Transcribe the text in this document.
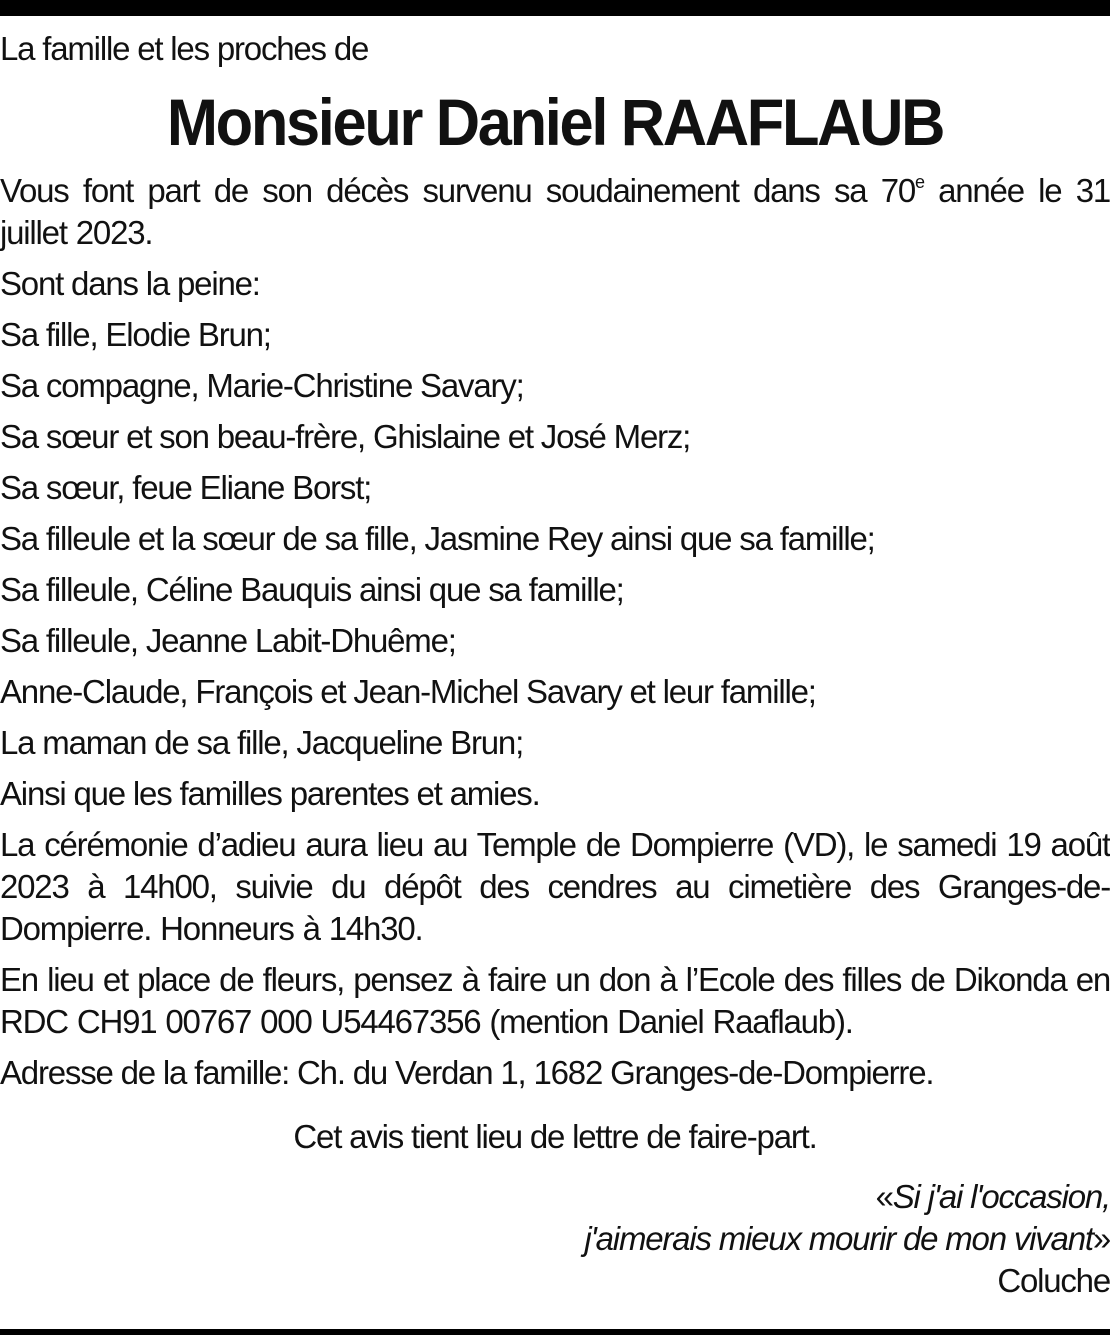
La famille et les proches de

Monsieur Daniel RAAFLAUB

Vous font part de son décès survenu soudainement dans sa 70e année le 31 juillet 2023.

Sont dans la peine:

Sa fille, Elodie Brun;

Sa compagne, Marie-Christine Savary;

Sa sœur et son beau-frère, Ghislaine et José Merz;

Sa sœur, feue Eliane Borst;

Sa filleule et la sœur de sa fille, Jasmine Rey ainsi que sa famille;

Sa filleule, Céline Bauquis ainsi que sa famille;

Sa filleule, Jeanne Labit-Dhuême;

Anne-Claude, François et Jean-Michel Savary et leur famille;

La maman de sa fille, Jacqueline Brun;

Ainsi que les familles parentes et amies.

La cérémonie d’adieu aura lieu au Temple de Dompierre (VD), le samedi 19 août 2023 à 14h00, suivie du dépôt des cendres au cimetière des Granges-de-Dompierre. Honneurs à 14h30.

En lieu et place de fleurs, pensez à faire un don à l’Ecole des filles de Dikonda en RDC CH91 00767 000 U54467356 (mention Daniel Raaflaub).

Adresse de la famille: Ch. du Verdan 1, 1682 Granges-de-Dompierre.

Cet avis tient lieu de lettre de faire-part.

«Si j'ai l'occasion,

j'aimerais mieux mourir de mon vivant»

Coluche
